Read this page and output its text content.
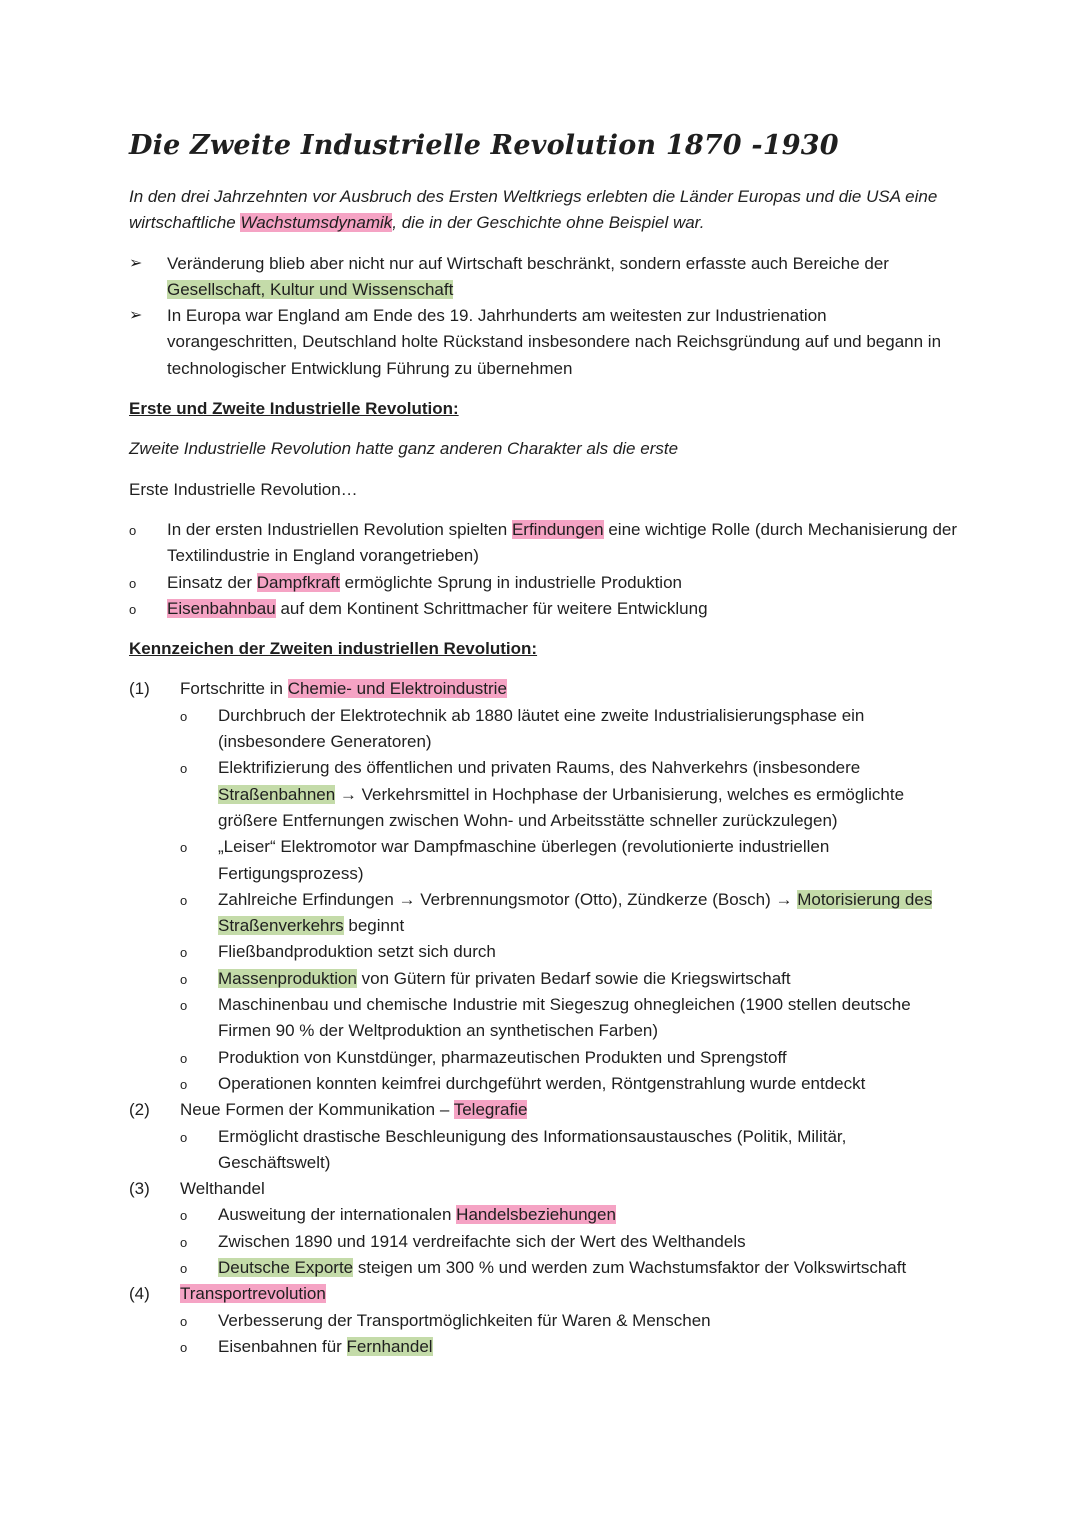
Die Zweite Industrielle Revolution 1870 -1930

In den drei Jahrzehnten vor Ausbruch des Ersten Weltkriegs erlebten die Länder Europas und die USA eine wirtschaftliche Wachstumsdynamik, die in der Geschichte ohne Beispiel war.

➢ Veränderung blieb aber nicht nur auf Wirtschaft beschränkt, sondern erfasste auch Bereiche der Gesellschaft, Kultur und Wissenschaft
➢ In Europa war England am Ende des 19. Jahrhunderts am weitesten zur Industrienation vorangeschritten, Deutschland holte Rückstand insbesondere nach Reichsgründung auf und begann in technologischer Entwicklung Führung zu übernehmen

Erste und Zweite Industrielle Revolution:

Zweite Industrielle Revolution hatte ganz anderen Charakter als die erste

Erste Industrielle Revolution…

o In der ersten Industriellen Revolution spielten Erfindungen eine wichtige Rolle (durch Mechanisierung der Textilindustrie in England vorangetrieben)
o Einsatz der Dampfkraft ermöglichte Sprung in industrielle Produktion
o Eisenbahnbau auf dem Kontinent Schrittmacher für weitere Entwicklung

Kennzeichen der Zweiten industriellen Revolution:

(1) Fortschritte in Chemie- und Elektroindustrie
o Durchbruch der Elektrotechnik ab 1880 läutet eine zweite Industrialisierungsphase ein (insbesondere Generatoren)
o Elektrifizierung des öffentlichen und privaten Raums, des Nahverkehrs (insbesondere Straßenbahnen → Verkehrsmittel in Hochphase der Urbanisierung, welches es ermöglichte größere Entfernungen zwischen Wohn- und Arbeitsstätte schneller zurückzulegen)
o „Leiser“ Elektromotor war Dampfmaschine überlegen (revolutionierte industriellen Fertigungsprozess)
o Zahlreiche Erfindungen → Verbrennungsmotor (Otto), Zündkerze (Bosch) → Motorisierung des Straßenverkehrs beginnt
o Fließbandproduktion setzt sich durch
o Massenproduktion von Gütern für privaten Bedarf sowie die Kriegswirtschaft
o Maschinenbau und chemische Industrie mit Siegeszug ohnegleichen (1900 stellen deutsche Firmen 90 % der Weltproduktion an synthetischen Farben)
o Produktion von Kunstdünger, pharmazeutischen Produkten und Sprengstoff
o Operationen konnten keimfrei durchgeführt werden, Röntgenstrahlung wurde entdeckt
(2) Neue Formen der Kommunikation – Telegrafie
o Ermöglicht drastische Beschleunigung des Informationsaustausches (Politik, Militär, Geschäftswelt)
(3) Welthandel
o Ausweitung der internationalen Handelsbeziehungen
o Zwischen 1890 und 1914 verdreifachte sich der Wert des Welthandels
o Deutsche Exporte steigen um 300 % und werden zum Wachstumsfaktor der Volkswirtschaft
(4) Transportrevolution
o Verbesserung der Transportmöglichkeiten für Waren & Menschen
o Eisenbahnen für Fernhandel
